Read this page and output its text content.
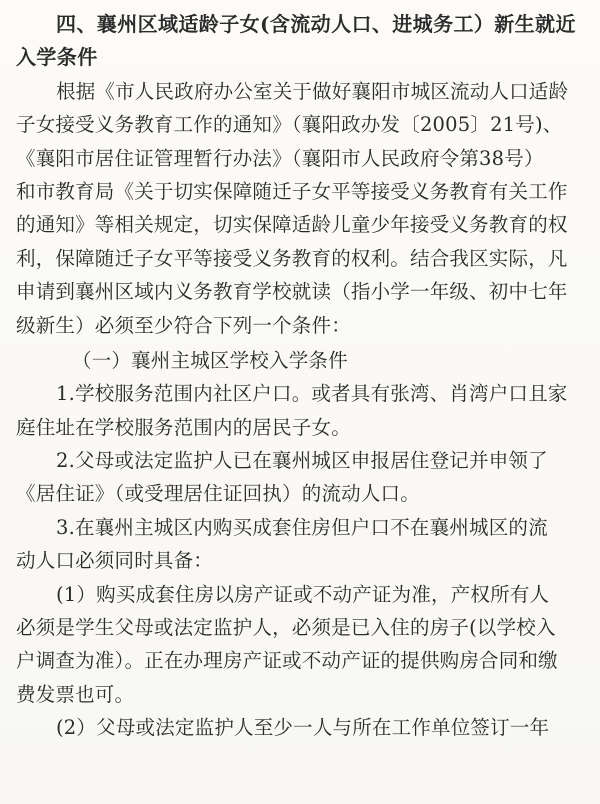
四、襄州区域适龄子女(含流动人口、进城务工）新生就近
入学条件
根据《市人民政府办公室关于做好襄阳市城区流动人口适龄
子女接受义务教育工作的通知》（襄阳政办发〔2005〕21号)、
《襄阳市居住证管理暂行办法》（襄阳市人民政府令第38号）
和市教育局《关于切实保障随迁子女平等接受义务教育有关工作
的通知》等相关规定，切实保障适龄儿童少年接受义务教育的权
利，保障随迁子女平等接受义务教育的权利。结合我区实际，凡
申请到襄州区域内义务教育学校就读（指小学一年级、初中七年
级新生）必须至少符合下列一个条件：
（一）襄州主城区学校入学条件
1.学校服务范围内社区户口。或者具有张湾、肖湾户口且家
庭住址在学校服务范围内的居民子女。
2.父母或法定监护人已在襄州城区申报居住登记并申领了
《居住证》（或受理居住证回执）的流动人口。
3.在襄州主城区内购买成套住房但户口不在襄州城区的流
动人口必须同时具备：
(1）购买成套住房以房产证或不动产证为准，产权所有人
必须是学生父母或法定监护人，必须是已入住的房子(以学校入
户调查为准）。正在办理房产证或不动产证的提供购房合同和缴
费发票也可。
(2）父母或法定监护人至少一人与所在工作单位签订一年
